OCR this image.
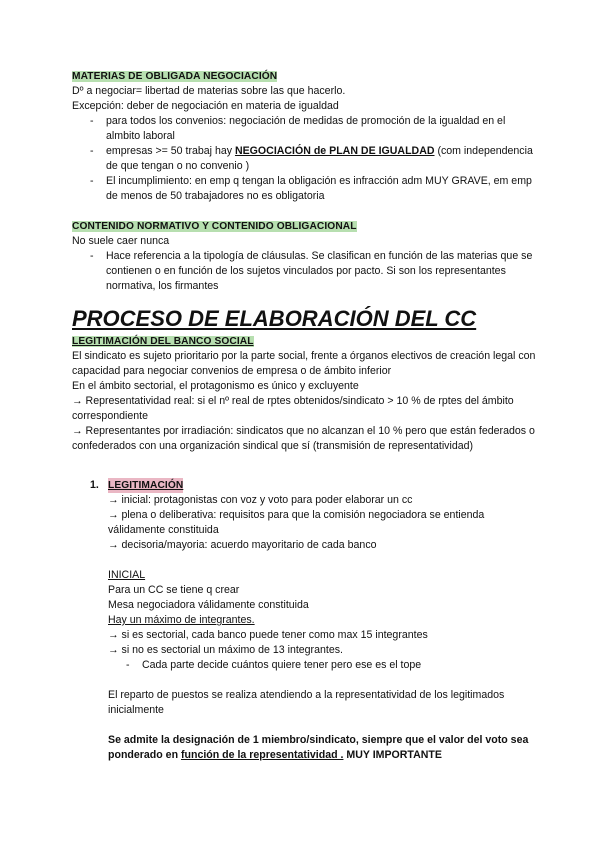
MATERIAS DE OBLIGADA NEGOCIACIÓN

Dº a negociar= libertad de materias sobre las que hacerlo.

Excepción: deber de negociación en materia de igualdad

- para todos los convenios: negociación de medidas de promoción de la igualdad en el almbito laboral
- empresas >= 50 trabaj hay NEGOCIACIÓN de PLAN DE IGUALDAD (com independencia de que tengan o no convenio )
- El incumplimiento: en emp q tengan la obligación es infracción adm MUY GRAVE, em emp de menos de 50 trabajadores no es obligatoria

CONTENIDO NORMATIVO Y CONTENIDO OBLIGACIONAL

No suele caer nunca

- Hace referencia a la tipología de cláusulas. Se clasifican en función de las materias que se contienen o en función de los sujetos vinculados por pacto. Si son los representantes normativa, los firmantes

PROCESO DE ELABORACIÓN DEL CC

LEGITIMACIÓN DEL BANCO SOCIAL

El sindicato es sujeto prioritario por la parte social, frente a órganos electivos de creación legal con capacidad para negociar convenios de empresa o de ámbito inferior

En el ámbito sectorial, el protagonismo es único y excluyente

→ Representatividad real: si el nº real de rptes obtenidos/sindicato > 10 % de rptes del ámbito correspondiente

→ Representantes por irradiación: sindicatos que no alcanzan el 10 % pero que están federados o confederados con una organización sindical que sí (transmisión de representatividad)

1. LEGITIMACIÓN

→ inicial: protagonistas con voz y voto para poder elaborar un cc

→ plena o deliberativa: requisitos para que la comisión negociadora se entienda válidamente constituida

→ decisoria/mayoria: acuerdo mayoritario de cada banco

INICIAL

Para un CC se tiene q crear

Mesa negociadora válidamente constituida

Hay un máximo de integrantes.

→ si es sectorial, cada banco puede tener como max 15 integrantes

→ si no es sectorial un máximo de 13 integrantes.

- Cada parte decide cuántos quiere tener pero ese es el tope

El reparto de puestos se realiza atendiendo a la representatividad de los legitimados inicialmente

Se admite la designación de 1 miembro/sindicato, siempre que el valor del voto sea ponderado en función de la representatividad . MUY IMPORTANTE
